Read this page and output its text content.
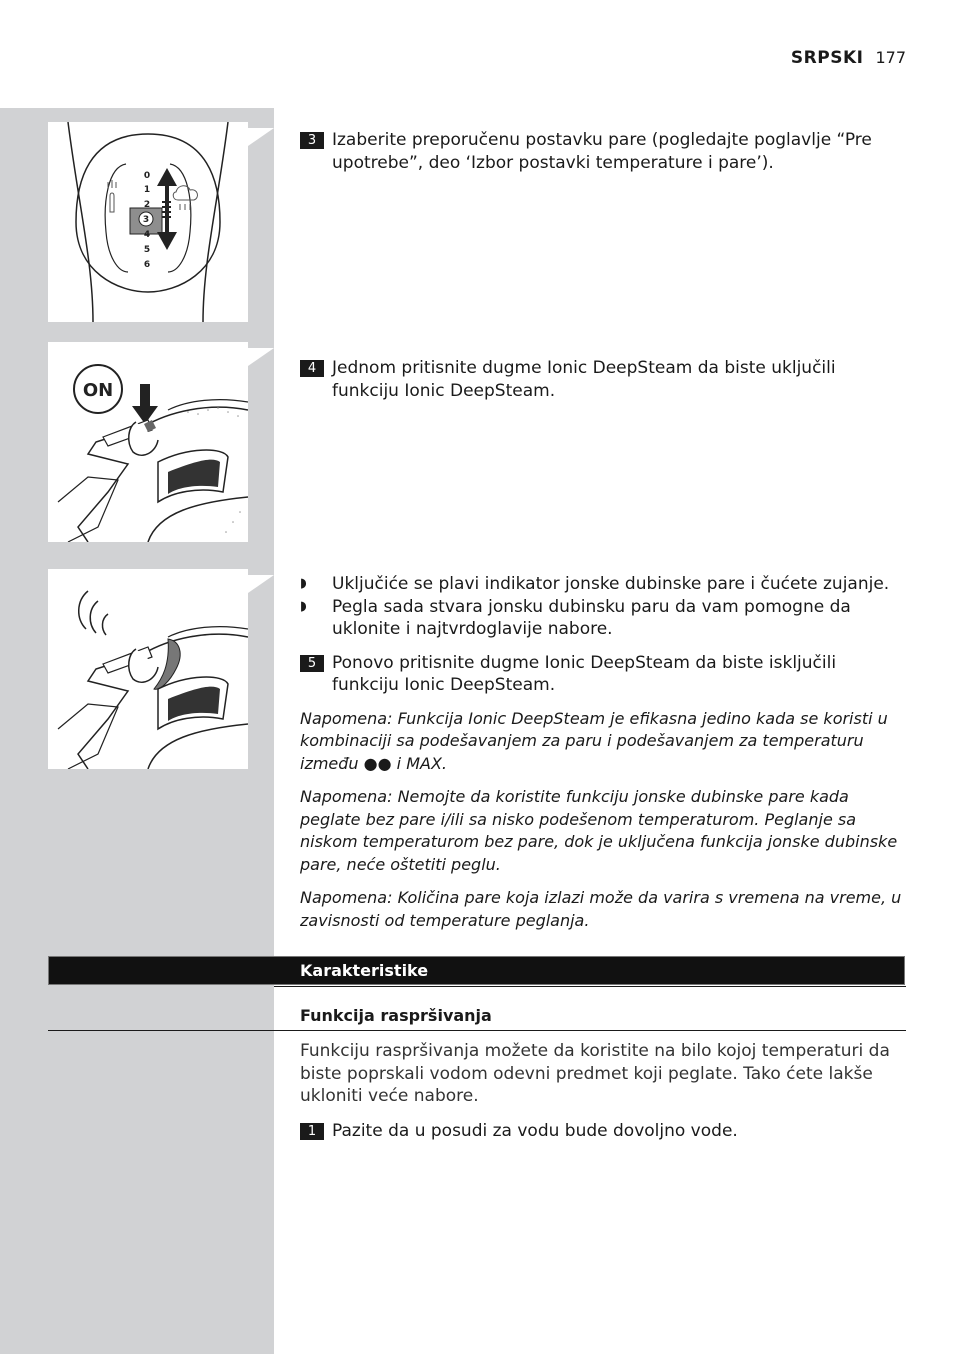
SRPSKI 177
0
1
2
3
4
5
6
ON
3 Izaberite preporučenu postavku pare (pogledajte poglavlje “Pre upotrebe”, deo ‘Izbor postavki temperature i pare’).
4 Jednom pritisnite dugme Ionic DeepSteam da biste uključili funkciju Ionic DeepSteam.
◗	Uključiće se plavi indikator jonske dubinske pare i čućete zujanje.
◗	Pegla sada stvara jonsku dubinsku paru da vam pomogne da uklonite i najtvrdoglavije nabore.
5 Ponovo pritisnite dugme Ionic DeepSteam da biste isključili funkciju Ionic DeepSteam.
Napomena: Funkcija Ionic DeepSteam je efikasna jedino kada se koristi u kombinaciji sa podešavanjem za paru i podešavanjem za temperaturu između ●● i MAX.
Napomena: Nemojte da koristite funkciju jonske dubinske pare kada peglate bez pare i/ili sa nisko podešenom temperaturom. Peglanje sa niskom temperaturom bez pare, dok je uključena funkcija jonske dubinske pare, neće oštetiti peglu.
Napomena: Količina pare koja izlazi može da varira s vremena na vreme, u zavisnosti od temperature peglanja.
Karakteristike
Funkcija raspršivanja
Funkciju raspršivanja možete da koristite na bilo kojoj temperaturi da biste poprskali vodom odevni predmet koji peglate. Tako ćete lakše ukloniti veće nabore.
1 Pazite da u posudi za vodu bude dovoljno vode.
